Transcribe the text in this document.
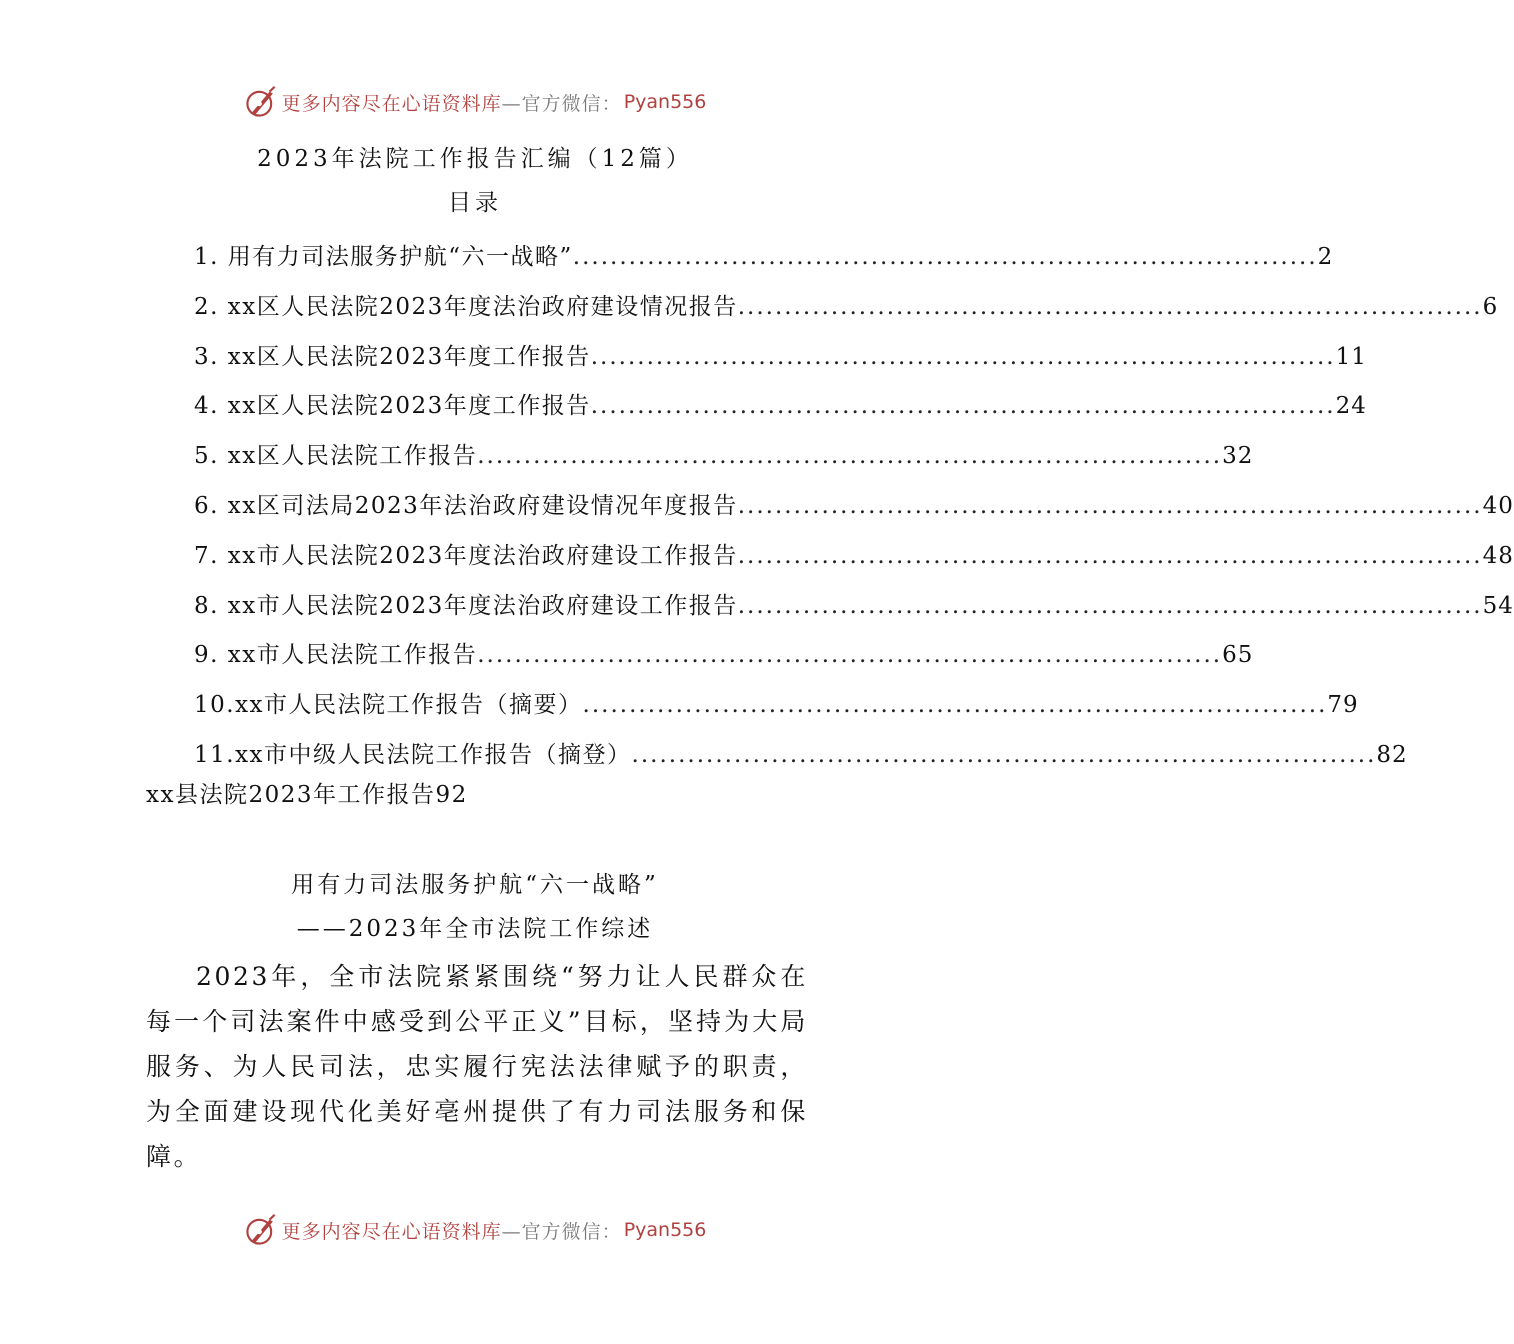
更多内容尽在心语资料库 —官方微信： Pyan556
2023年法院工作报告汇编（12篇）
目录
1. 用有力司法服务护航“六一战略” ................................................................................ 2
2. xx区人民法院2023年度法治政府建设情况报告 ................................................................................ 6
3. xx区人民法院2023年度工作报告 ................................................................................ 11
4. xx区人民法院2023年度工作报告 ................................................................................ 24
5. xx区人民法院工作报告 ................................................................................ 32
6. xx区司法局2023年法治政府建设情况年度报告 ................................................................................ 40
7. xx市人民法院2023年度法治政府建设工作报告 ................................................................................ 48
8. xx市人民法院2023年度法治政府建设工作报告 ................................................................................ 54
9. xx市人民法院工作报告 ................................................................................ 65
10.xx市人民法院工作报告（摘要） ................................................................................ 79
11.xx市中级人民法院工作报告（摘登） ................................................................................ 82
xx县法院2023年工作报告92
用有力司法服务护航“六一战略”
——2023年全市法院工作综述

2023年，全市法院紧紧围绕“努力让人民群众在每一个司法案件中感受到公平正义”目标，坚持为大局服务、为人民司法，忠实履行宪法法律赋予的职责，为全面建设现代化美好亳州提供了有力司法服务和保障。

更多内容尽在心语资料库 —官方微信： Pyan556
